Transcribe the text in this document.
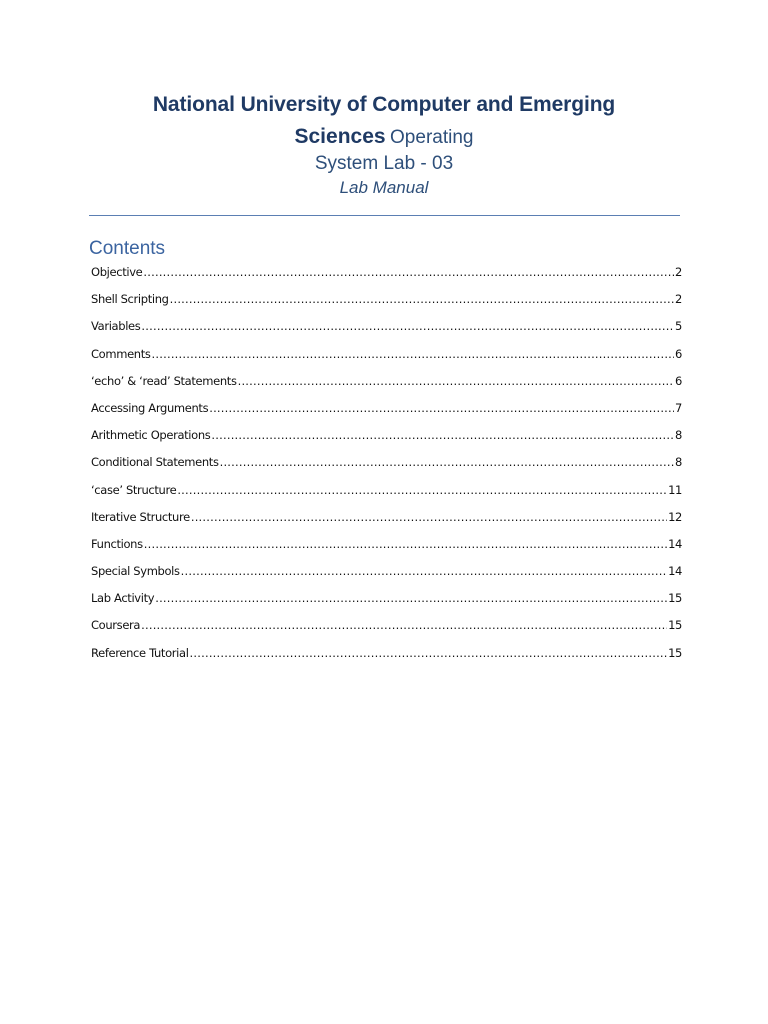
National University of Computer and Emerging
Sciences Operating
System Lab - 03
Lab Manual
Contents
Objective .....	2
Shell Scripting .....	2
Variables .....	5
Comments .....	6
‘echo’ & ‘read’ Statements .....	6
Accessing Arguments .....	7
Arithmetic Operations .....	8
Conditional Statements .....	8
‘case’ Structure .....	11
Iterative Structure .....	12
Functions .....	14
Special Symbols .....	14
Lab Activity .....	15
Coursera .....	15
Reference Tutorial .....	15
